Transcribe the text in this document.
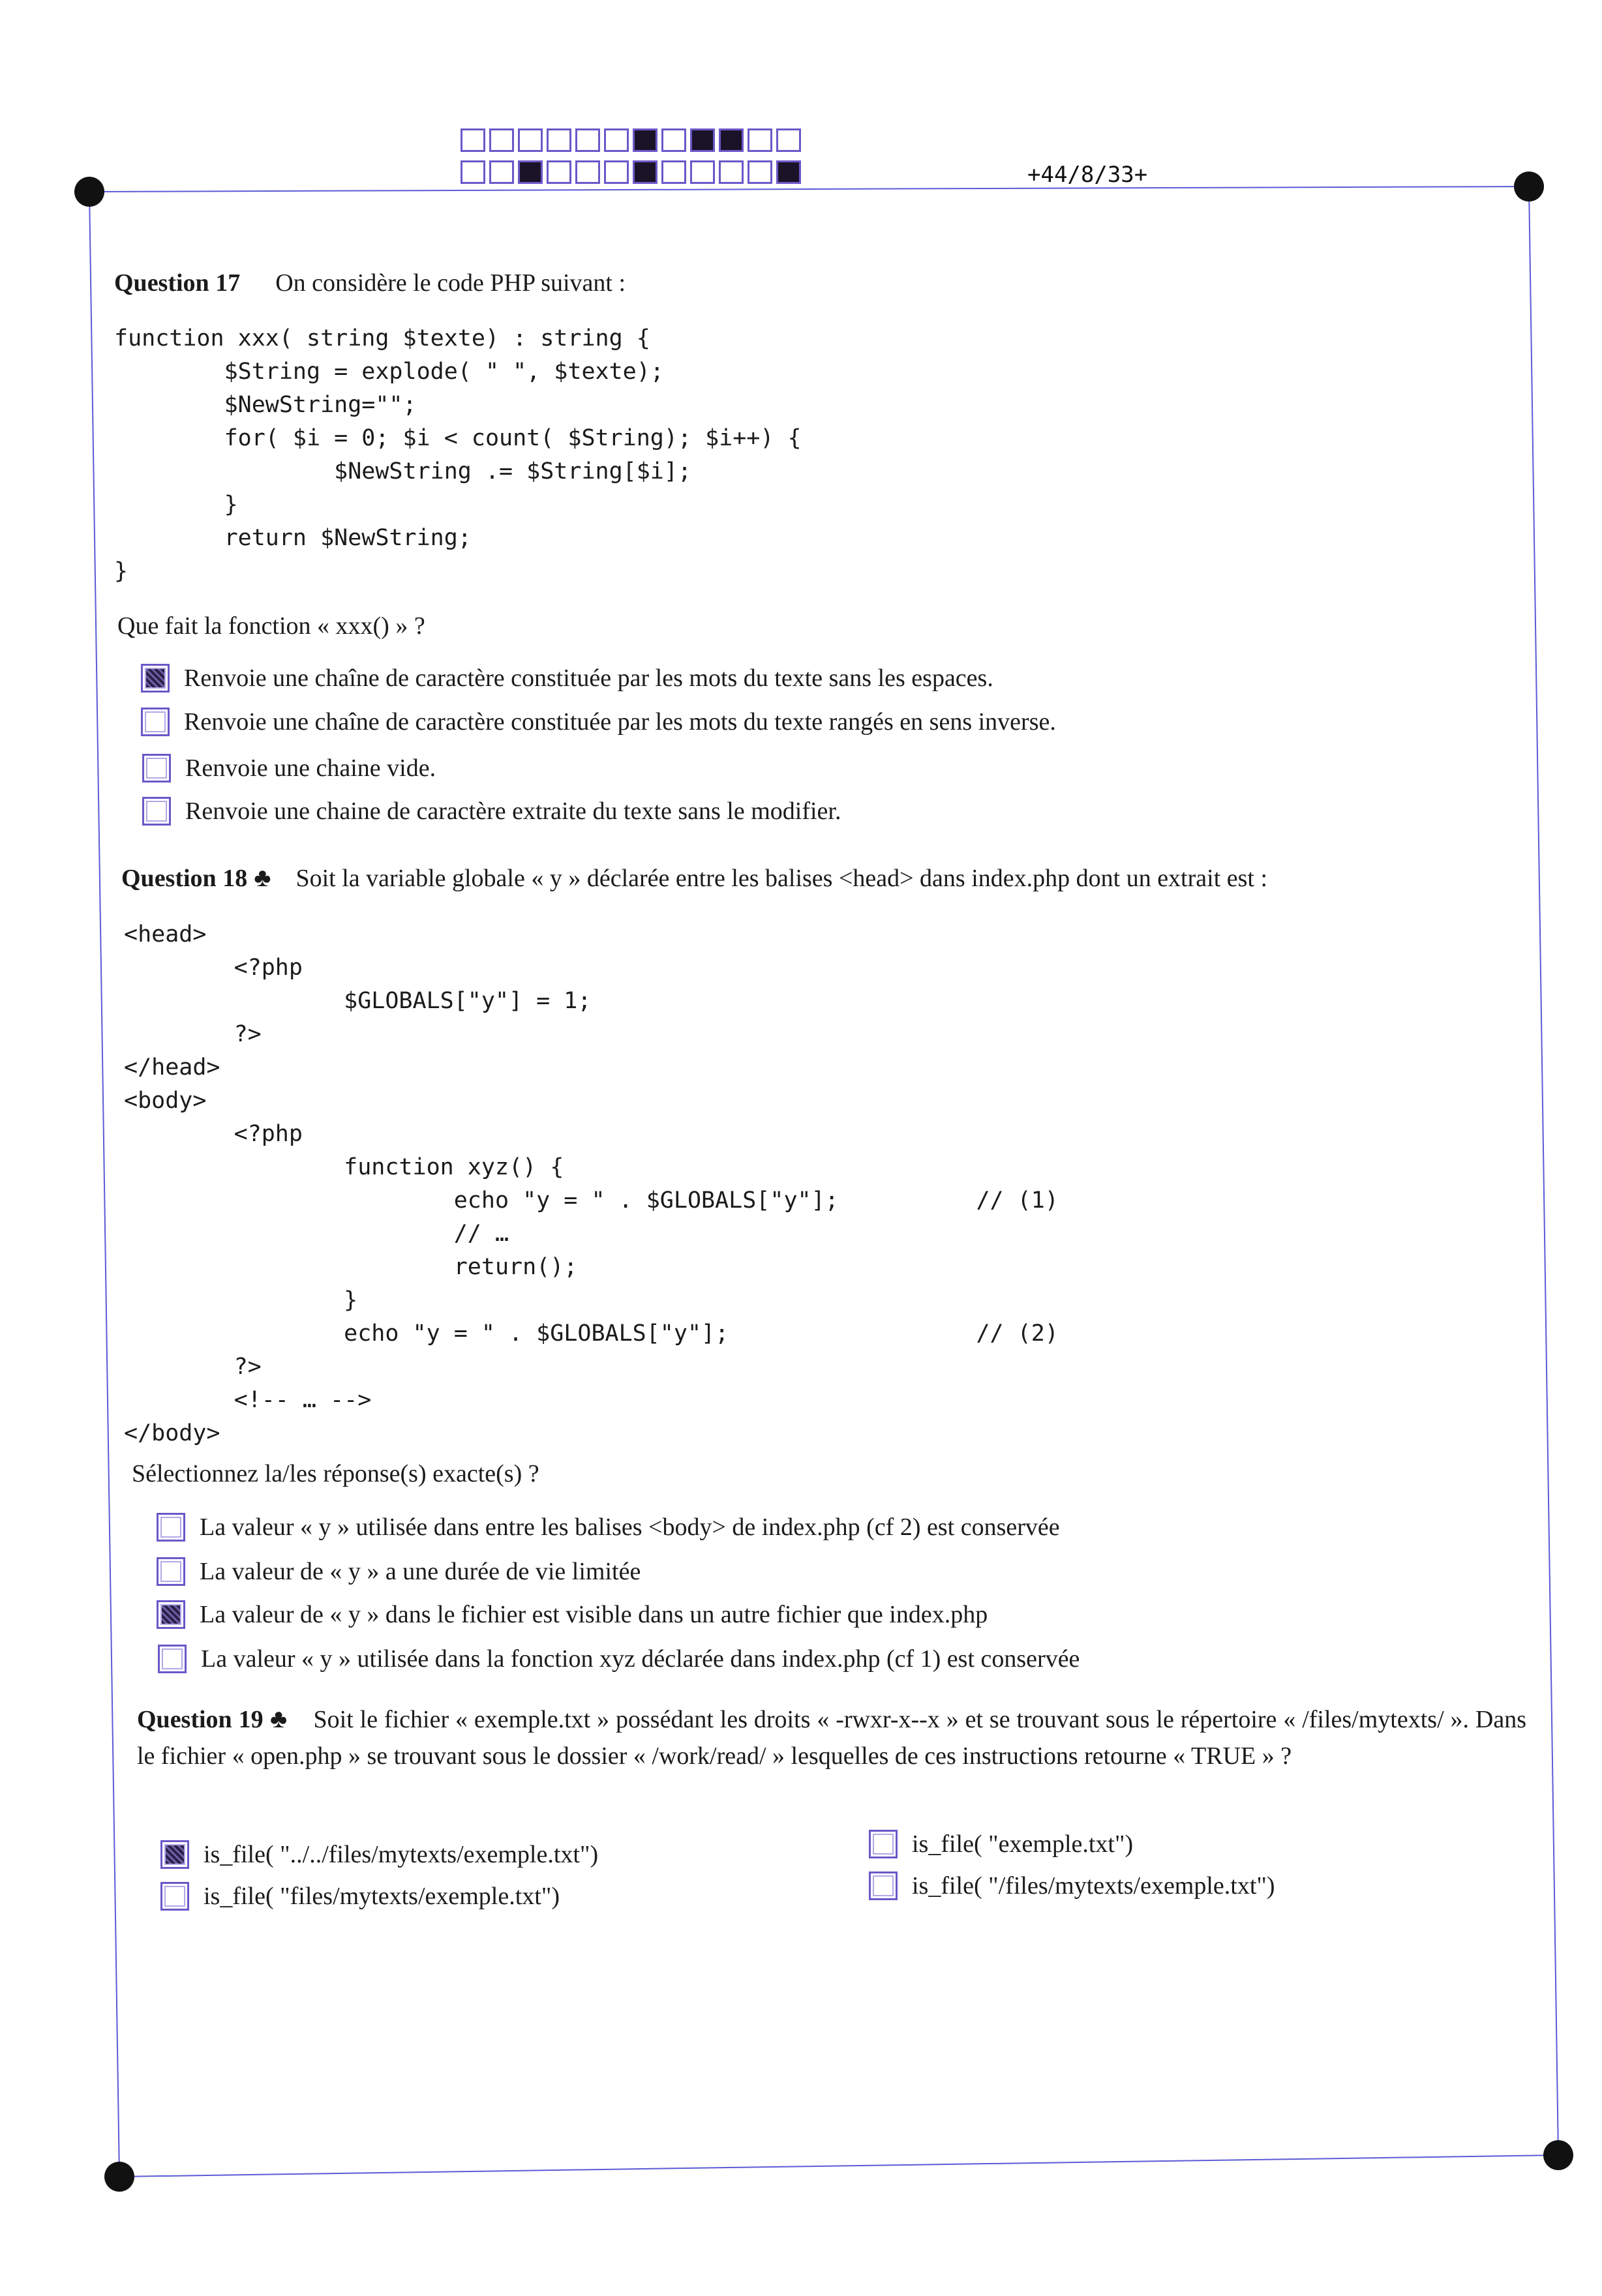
+44/8/33+
Question 17 On considère le code PHP suivant :
function xxx( string $texte) : string {
$String = explode( " ", $texte);
$NewString="";
for( $i = 0; $i < count( $String); $i++) {
$NewString .= $String[$i];
}
return $NewString;
}
Que fait la fonction « xxx() » ?
Renvoie une chaîne de caractère constituée par les mots du texte sans les espaces.
Renvoie une chaîne de caractère constituée par les mots du texte rangés en sens inverse.
Renvoie une chaine vide.
Renvoie une chaine de caractère extraite du texte sans le modifier.
Question 18 ♣ Soit la variable globale « y » déclarée entre les balises <head> dans index.php dont un extrait est :
<head>
<?php
$GLOBALS["y"] = 1;
?>
</head>
<body>
<?php
function xyz() {
echo "y = " . $GLOBALS["y"];          // (1)
// …
return();
}
echo "y = " . $GLOBALS["y"];                  // (2)
?>
<!-- … -->
</body>
Sélectionnez la/les réponse(s) exacte(s) ?
La valeur « y » utilisée dans entre les balises <body> de index.php (cf 2) est conservée
La valeur de « y » a une durée de vie limitée
La valeur de « y » dans le fichier est visible dans un autre fichier que index.php
La valeur « y » utilisée dans la fonction xyz déclarée dans index.php (cf 1) est conservée
Question 19 ♣ Soit le fichier « exemple.txt » possédant les droits « -rwxr-x--x » et se trouvant sous le répertoire « /files/mytexts/ ». Dans le fichier « open.php » se trouvant sous le dossier « /work/read/ » lesquelles de ces instructions retourne « TRUE » ?
is_file( "../../files/mytexts/exemple.txt")
is_file( "files/mytexts/exemple.txt")
is_file( "exemple.txt")
is_file( "/files/mytexts/exemple.txt")
